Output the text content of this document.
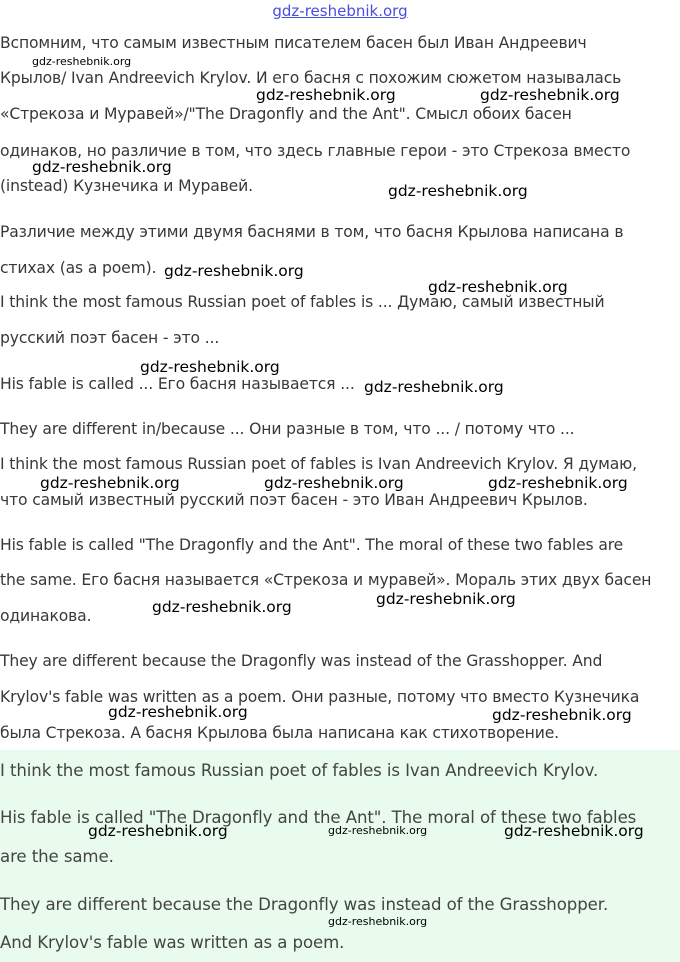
gdz-reshebnik.org
Вспомним, что самым известным писателем басен был Иван Андреевич
Крылов/ Ivan Andreevich Krylov. И его басня с похожим сюжетом называлась
«Стрекоза и Муравей»/"The Dragonfly and the Ant". Смысл обоих басен
одинаков, но различие в том, что здесь главные герои - это Стрекоза вместо
(instead) Кузнечика и Муравей.
Различие между этими двумя баснями в том, что басня Крылова написана в
стихах (as a poem).
I think the most famous Russian poet of fables is ... Думаю, самый известный
русский поэт басен - это ...
His fable is called ... Его басня называется ...
They are different in/because ... Они разные в том, что ... / потому что ...
I think the most famous Russian poet of fables is Ivan Andreevich Krylov. Я думаю,
что самый известный русский поэт басен - это Иван Андреевич Крылов.
His fable is called "The Dragonfly and the Ant". The moral of these two fables are
the same. Его басня называется «Стрекоза и муравей». Мораль этих двух басен
одинакова.
They are different because the Dragonfly was instead of the Grasshopper. And
Krylov's fable was written as a poem. Они разные, потому что вместо Кузнечика
была Стрекоза. А басня Крылова была написана как стихотворение.
I think the most famous Russian poet of fables is Ivan Andreevich Krylov.
His fable is called "The Dragonfly and the Ant". The moral of these two fables
are the same.
They are different because the Dragonfly was instead of the Grasshopper.
And Krylov's fable was written as a poem.
gdz-reshebnik.org
gdz-reshebnik.org	gdz-reshebnik.org
gdz-reshebnik.org
gdz-reshebnik.org
gdz-reshebnik.org
gdz-reshebnik.org
gdz-reshebnik.org
gdz-reshebnik.org
gdz-reshebnik.org	gdz-reshebnik.org	gdz-reshebnik.org
gdz-reshebnik.org	gdz-reshebnik.org
gdz-reshebnik.org	gdz-reshebnik.org
gdz-reshebnik.org	gdz-reshebnik.org	gdz-reshebnik.org
gdz-reshebnik.org
